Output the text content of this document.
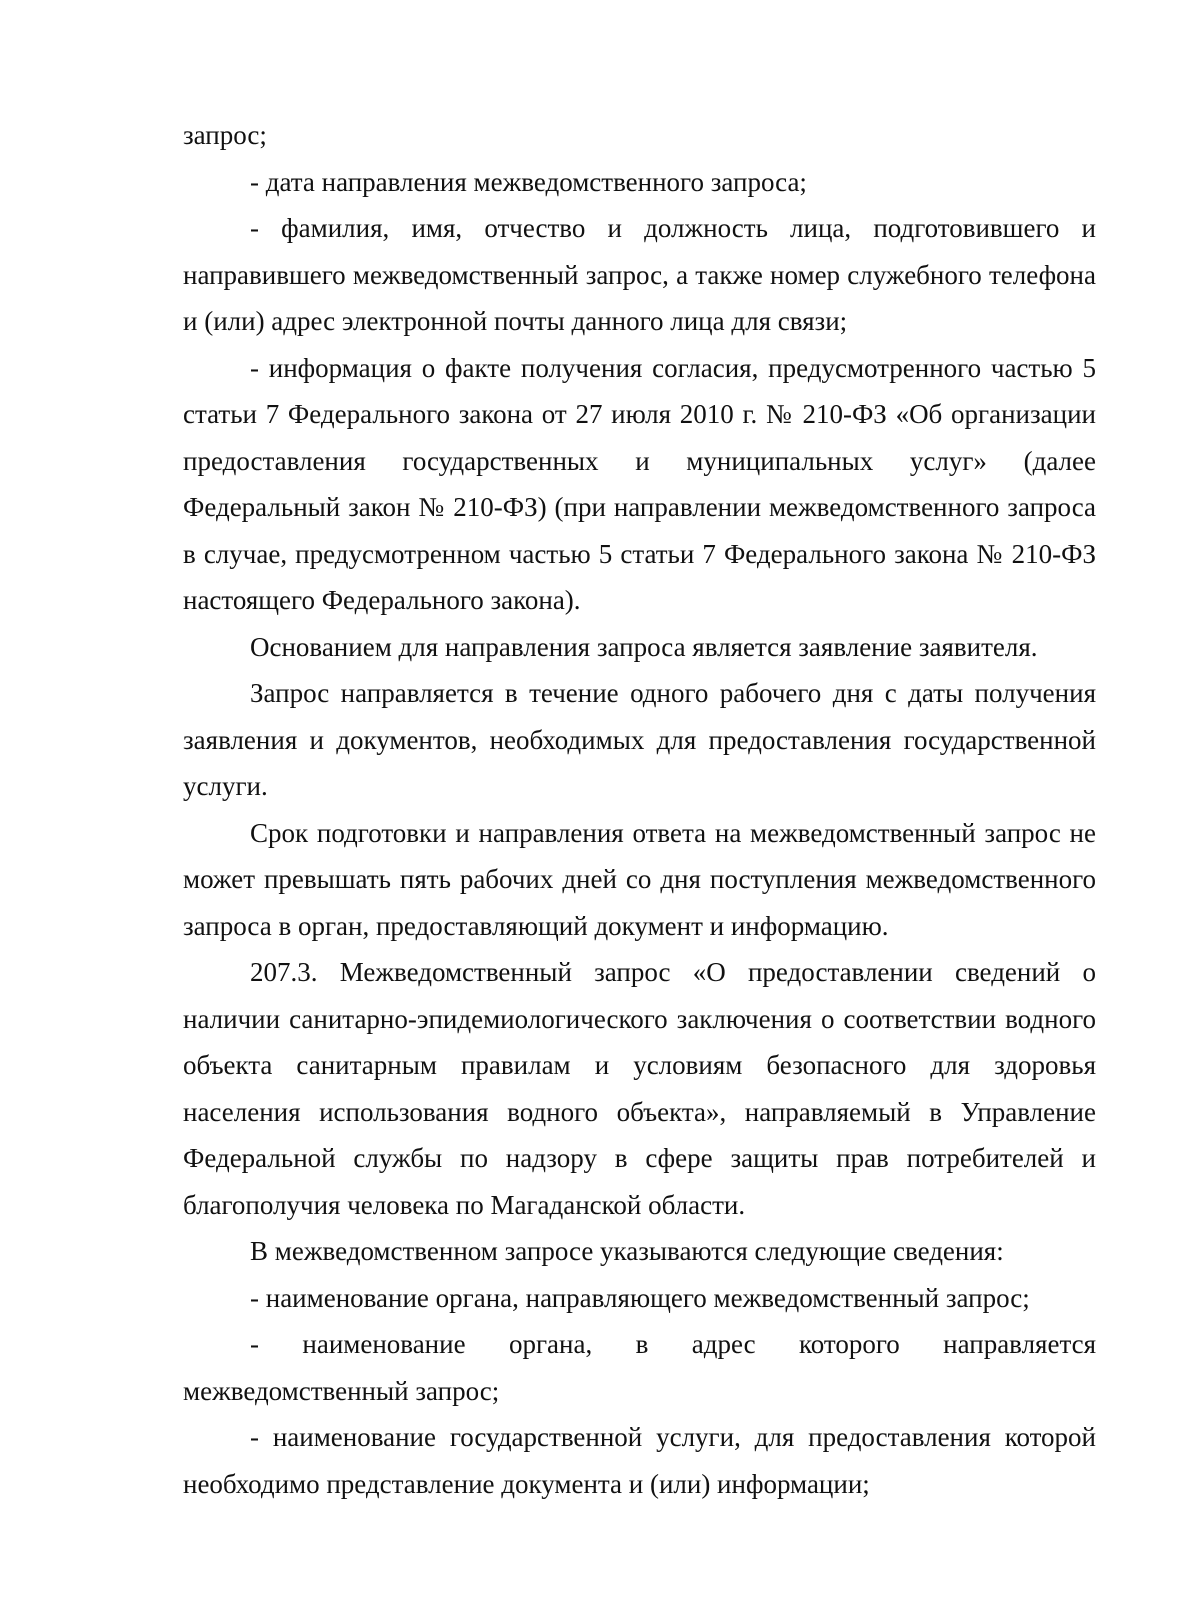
запрос;

- дата направления межведомственного запроса;

- фамилия, имя, отчество и должность лица, подготовившего и направившего межведомственный запрос, а также номер служебного телефона и (или) адрес электронной почты данного лица для связи;

- информация о факте получения согласия, предусмотренного частью 5 статьи 7 Федерального закона от 27 июля 2010 г. № 210-ФЗ «Об организации предоставления государственных и муниципальных услуг» (далее Федеральный закон № 210-ФЗ) (при направлении межведомственного запроса в случае, предусмотренном частью 5 статьи 7 Федерального закона № 210-ФЗ настоящего Федерального закона).

Основанием для направления запроса является заявление заявителя.

Запрос направляется в течение одного рабочего дня с даты получения заявления и документов, необходимых для предоставления государственной услуги.

Срок подготовки и направления ответа на межведомственный запрос не может превышать пять рабочих дней со дня поступления межведомственного запроса в орган, предоставляющий документ и информацию.

207.3. Межведомственный запрос «О предоставлении сведений о наличии санитарно-эпидемиологического заключения о соответствии водного объекта санитарным правилам и условиям безопасного для здоровья населения использования водного объекта», направляемый в Управление Федеральной службы по надзору в сфере защиты прав потребителей и благополучия человека по Магаданской области.

В межведомственном запросе указываются следующие сведения:

- наименование органа, направляющего межведомственный запрос;

- наименование органа, в адрес которого направляется межведомственный запрос;

- наименование государственной услуги, для предоставления которой необходимо представление документа и (или) информации;
